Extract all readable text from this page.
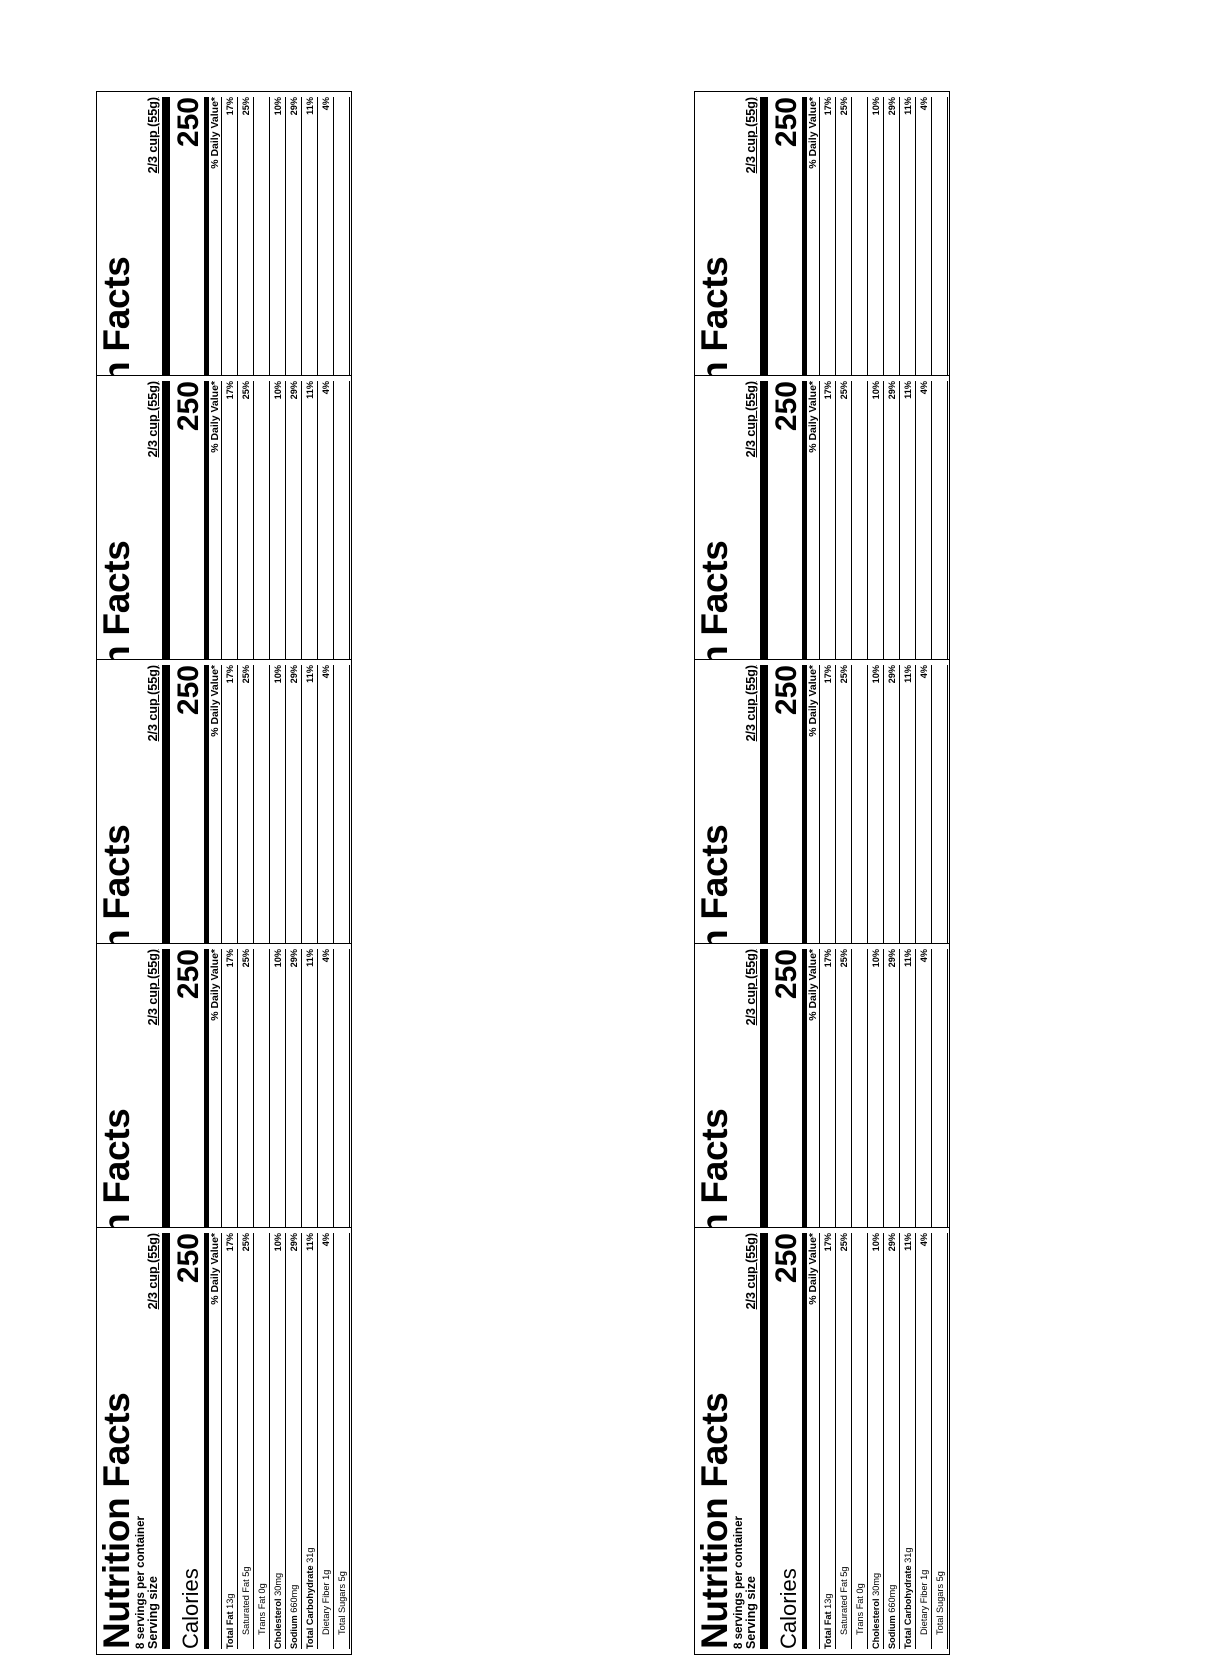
2/3 cup (55g) 250 % Daily Value* 17% 25% 10% 29% 11% 4%
2/3 cup (55g) 250 % Daily Value* 17% 25% 10% 29% 11% 4%
2/3 cup (55g) 250 % Daily Value* 17% 25% 10% 29% 11% 4%
2/3 cup (55g) 250 % Daily Value* 17% 25% 10% 29% 11% 4%
Nutrition Facts
8 servings per container Serving size
2/3 cup (55g)
Calories
250 % Daily Value*
Total Fat 13g
17%
Saturated Fat 5g
25%
Trans Fat 0g Cholesterol 30mg
10%
Sodium 660mg
29%
Total Carbohydrate 31g
11%
Dietary Fiber 1g
4%
Total Sugars 5g
2/3 cup (55g) 250 % Daily Value* 17% 25% 10% 29% 11% 4%
2/3 cup (55g) 250 % Daily Value* 17% 25% 10% 29% 11% 4%
2/3 cup (55g) 250 % Daily Value* 17% 25% 10% 29% 11% 4%
2/3 cup (55g) 250 % Daily Value* 17% 25% 10% 29% 11% 4%
Nutrition Facts
8 servings per container Serving size
2/3 cup (55g)
Calories
250 % Daily Value*
Total Fat 13g
17%
Saturated Fat 5g
25%
Trans Fat 0g Cholesterol 30mg
10%
Sodium 660mg
29%
Total Carbohydrate 31g
11%
Dietary Fiber 1g
4%
Total Sugars 5g
